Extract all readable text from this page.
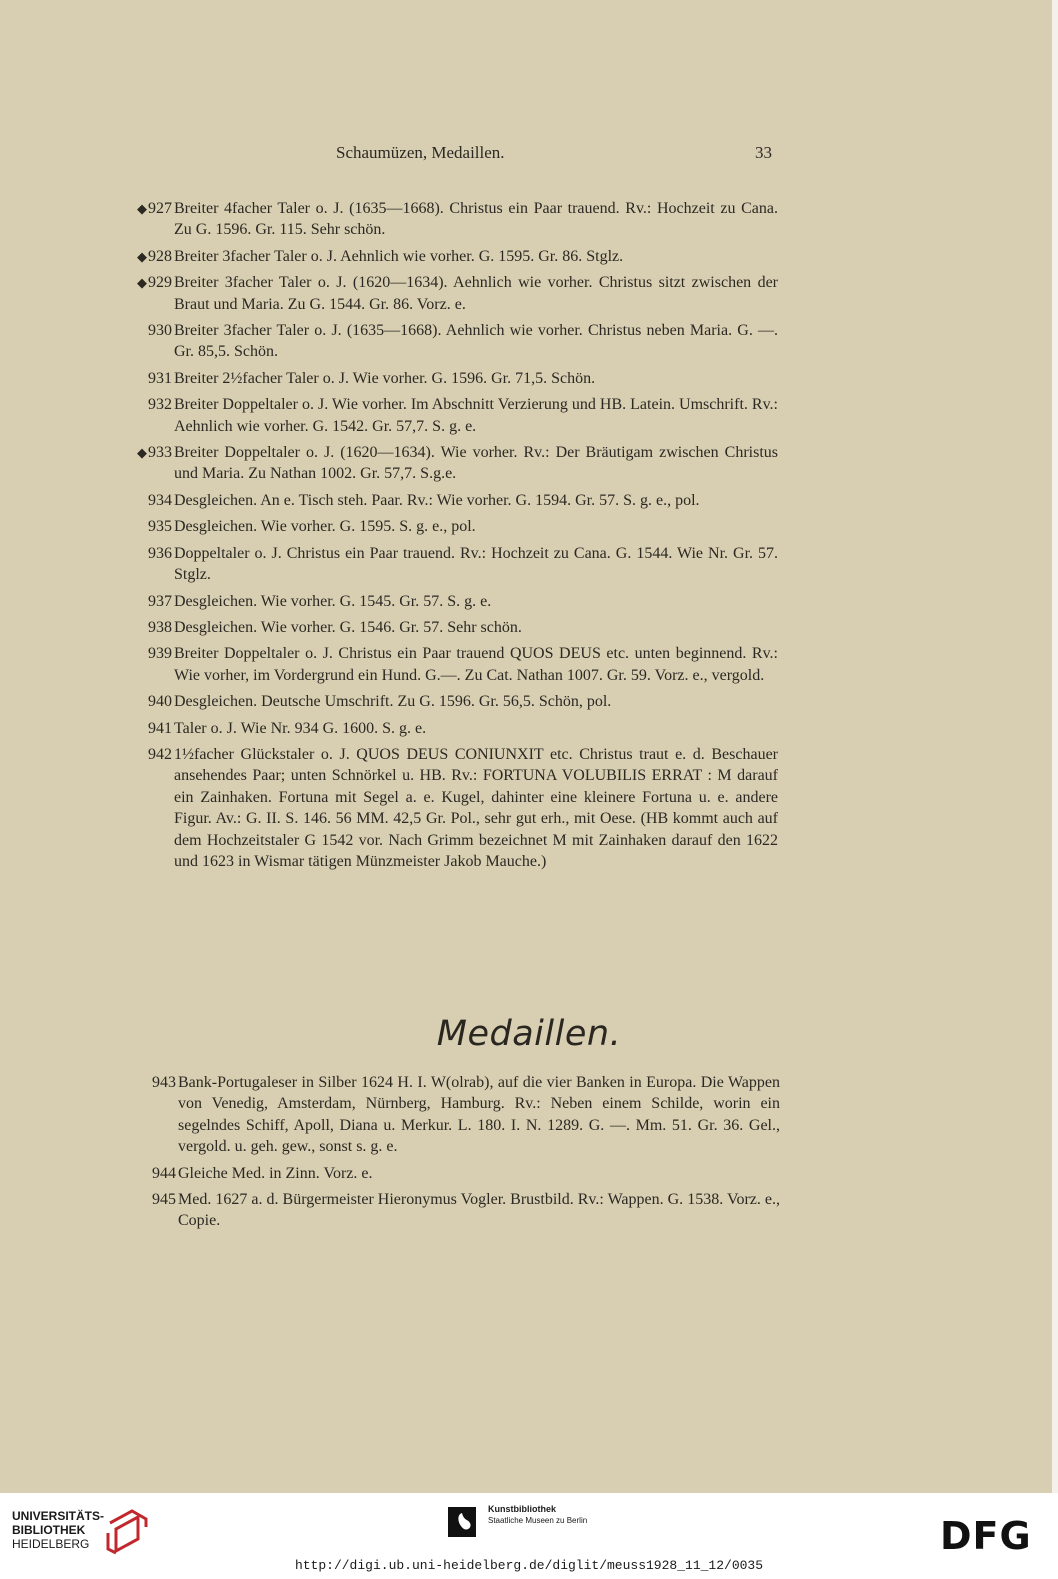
Schaumüzen, Medaillen.	33
◆927 Breiter 4facher Taler o. J. (1635—1668). Christus ein Paar trauend. Rv.: Hochzeit zu Cana. Zu G. 1596. Gr. 115. Sehr schön.
◆928 Breiter 3facher Taler o. J. Aehnlich wie vorher. G. 1595. Gr. 86. Stglz.
◆929 Breiter 3facher Taler o. J. (1620—1634). Aehnlich wie vorher. Christus sitzt zwischen der Braut und Maria. Zu G. 1544. Gr. 86. Vorz. e.
930 Breiter 3facher Taler o. J. (1635—1668). Aehnlich wie vorher. Christus neben Maria. G. —. Gr. 85,5. Schön.
931 Breiter 2½facher Taler o. J. Wie vorher. G. 1596. Gr. 71,5. Schön.
932 Breiter Doppeltaler o. J. Wie vorher. Im Abschnitt Verzierung und HB. Latein. Umschrift. Rv.: Aehnlich wie vorher. G. 1542. Gr. 57,7. S. g. e.
◆933 Breiter Doppeltaler o. J. (1620—1634). Wie vorher. Rv.: Der Bräutigam zwischen Christus und Maria. Zu Nathan 1002. Gr. 57,7. S.g.e.
934 Desgleichen. An e. Tisch steh. Paar. Rv.: Wie vorher. G. 1594. Gr. 57. S. g. e., pol.
935 Desgleichen. Wie vorher. G. 1595. S. g. e., pol.
936 Doppeltaler o. J. Christus ein Paar trauend. Rv.: Hochzeit zu Cana. G. 1544. Wie Nr. Gr. 57. Stglz.
937 Desgleichen. Wie vorher. G. 1545. Gr. 57. S. g. e.
938 Desgleichen. Wie vorher. G. 1546. Gr. 57. Sehr schön.
939 Breiter Doppeltaler o. J. Christus ein Paar trauend QUOS DEUS etc. unten beginnend. Rv.: Wie vorher, im Vordergrund ein Hund. G.—. Zu Cat. Nathan 1007. Gr. 59. Vorz. e., vergold.
940 Desgleichen. Deutsche Umschrift. Zu G. 1596. Gr. 56,5. Schön, pol.
941 Taler o. J. Wie Nr. 934 G. 1600. S. g. e.
942 1½facher Glückstaler o. J. QUOS DEUS CONIUNXIT etc. Christus traut e. d. Beschauer ansehendes Paar; unten Schnörkel u. HB. Rv.: FORTUNA VOLUBILIS ERRAT : M darauf ein Zainhaken. Fortuna mit Segel a. e. Kugel, dahinter eine kleinere Fortuna u. e. andere Figur. Av.: G. II. S. 146. 56 MM. 42,5 Gr. Pol., sehr gut erh., mit Oese. (HB kommt auch auf dem Hochzeitstaler G 1542 vor. Nach Grimm bezeichnet M mit Zainhaken darauf den 1622 und 1623 in Wismar tätigen Münzmeister Jakob Mauche.)
Medaillen.
943 Bank-Portugaleser in Silber 1624 H. I. W(olrab), auf die vier Banken in Europa. Die Wappen von Venedig, Amsterdam, Nürnberg, Hamburg. Rv.: Neben einem Schilde, worin ein segelndes Schiff, Apoll, Diana u. Merkur. L. 180. I. N. 1289. G. —. Mm. 51. Gr. 36. Gel., vergold. u. geh. gew., sonst s. g. e.
944 Gleiche Med. in Zinn. Vorz. e.
945 Med. 1627 a. d. Bürgermeister Hieronymus Vogler. Brustbild. Rv.: Wappen. G. 1538. Vorz. e., Copie.
UNIVERSITÄTS-
BIBLIOTHEK
HEIDELBERG
Kunstbibliothek
Staatliche Museen zu Berlin	DFG
http://digi.ub.uni-heidelberg.de/diglit/meuss1928_11_12/0035
